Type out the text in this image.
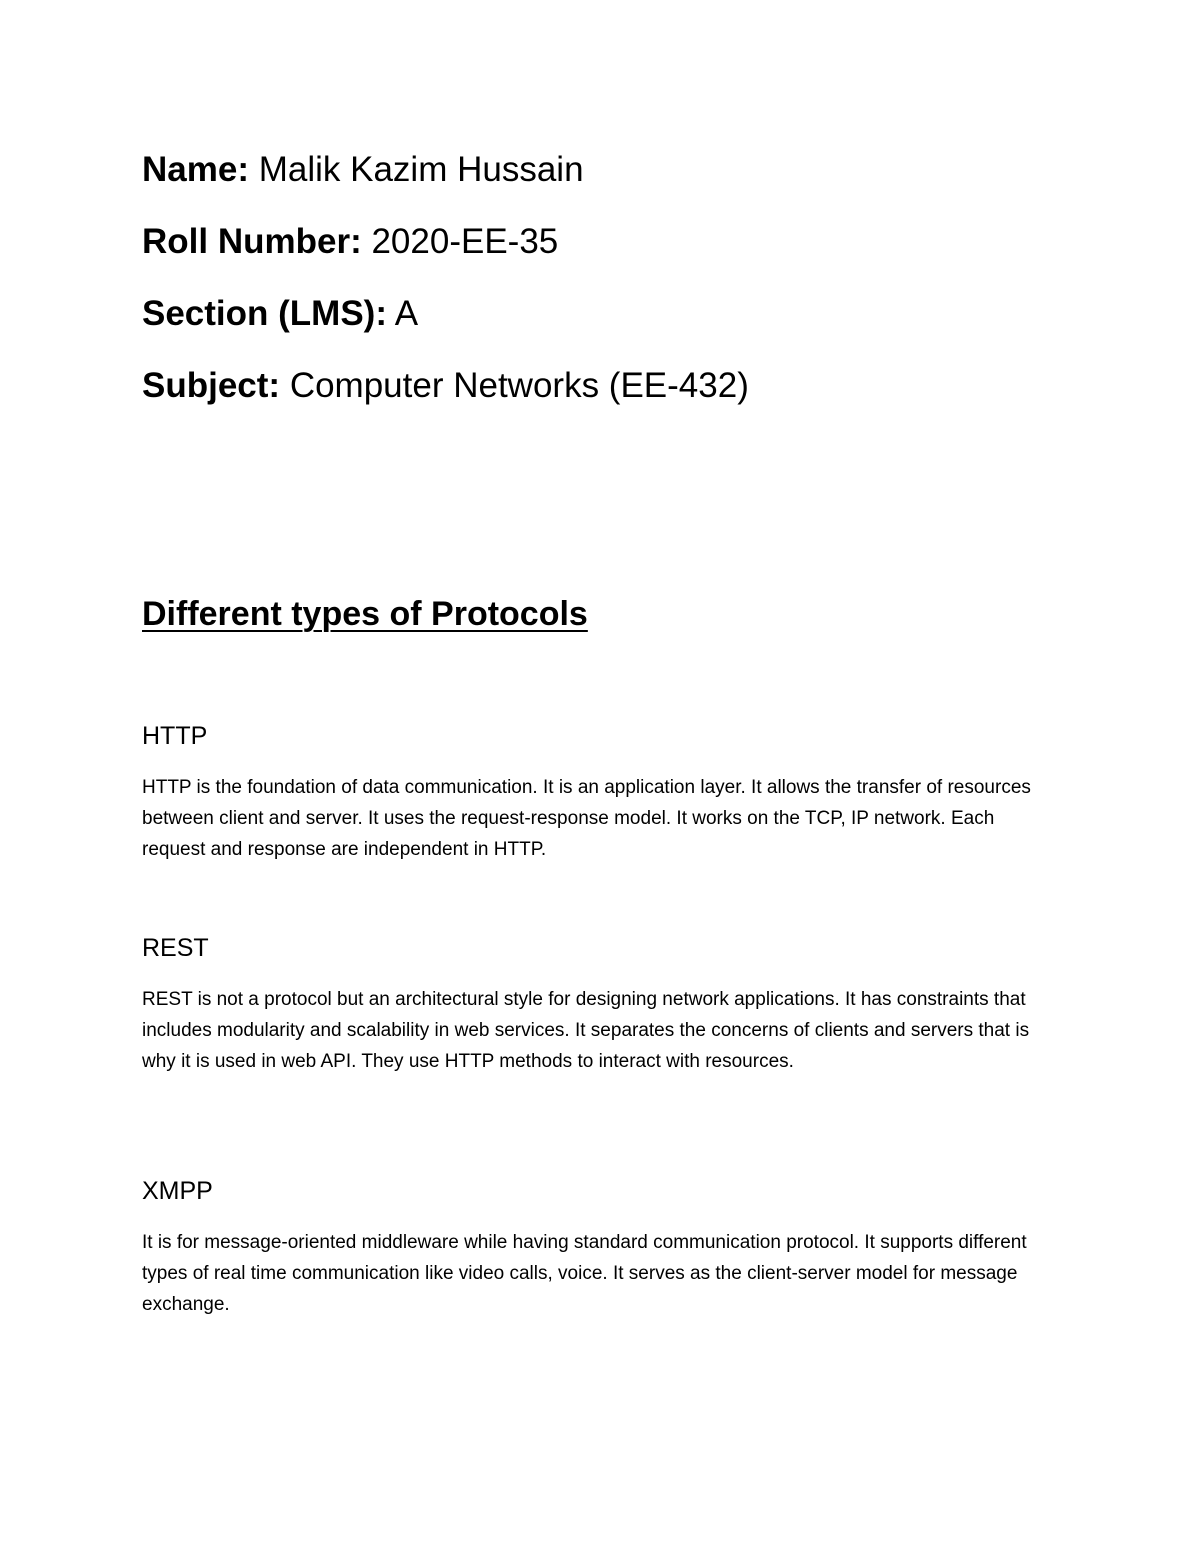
Name: Malik Kazim Hussain
Roll Number: 2020-EE-35
Section (LMS): A
Subject: Computer Networks (EE-432)
Different types of Protocols
HTTP

HTTP is the foundation of data communication. It is an application layer. It allows the transfer of resources between client and server. It uses the request-response model. It works on the TCP, IP network. Each request and response are independent in HTTP.

REST

REST is not a protocol but an architectural style for designing network applications. It has constraints that includes modularity and scalability in web services. It separates the concerns of clients and servers that is why it is used in web API. They use HTTP methods to interact with resources.

XMPP

It is for message-oriented middleware while having standard communication protocol. It supports different types of real time communication like video calls, voice. It serves as the client-server model for message exchange.
